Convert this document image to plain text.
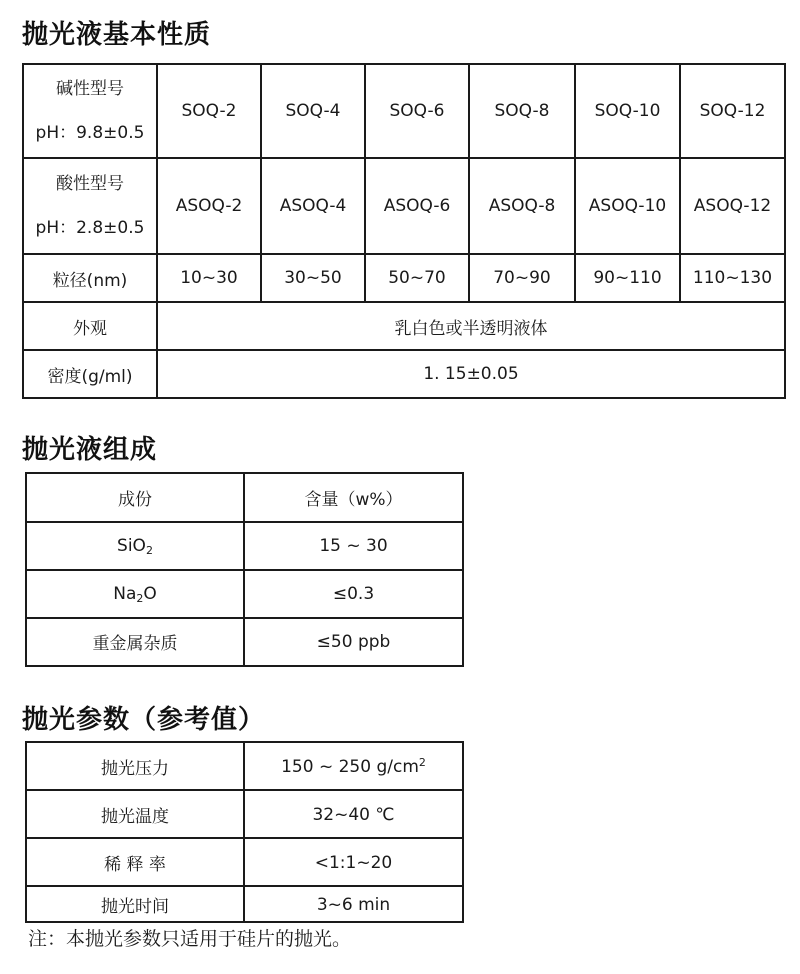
抛光液基本性质
碱性型号
pH：9.8±0.5	SOQ-2	SOQ-4	SOQ-6	SOQ-8	SOQ-10	SOQ-12

酸性型号
pH：2.8±0.5	ASOQ-2	ASOQ-4	ASOQ-6	ASOQ-8	ASOQ-10	ASOQ-12
粒径(nm)	10~30	30~50	50~70	70~90	90~110	110~130
外观	乳白色或半透明液体					
密度(g/ml)	1. 15±0.05					
抛光液组成
成份	含量（w%）
SiO$_2$	15 ~ 30
$Na_2O$	≤0.3
重金属杂质	≤50 ppb
抛光参数（参考值）
抛光压力	150 ~ 250 $g/cm^2$
抛光温度	32~40 ℃
稀 释 率	<1:1~20
抛光时间	3~6 min

注：本抛光参数只适用于硅片的抛光。
